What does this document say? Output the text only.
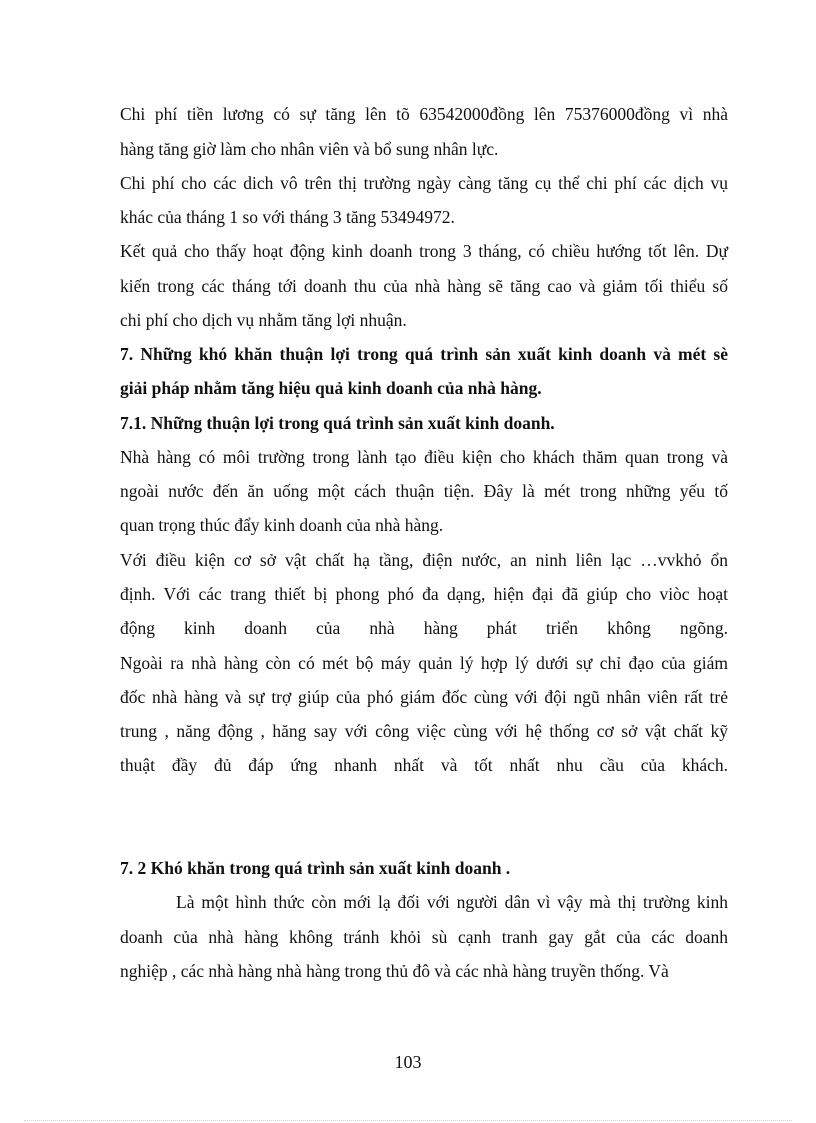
Chi phí tiền lương có sự tăng lên tõ 63542000đồng lên 75376000đồng vì nhà
hàng tăng giờ làm cho nhân viên và bổ sung nhân lực.
Chi phí cho các dich vô trên thị trường ngày càng tăng cụ thể chi phí các dịch vụ
khác của tháng 1 so với tháng 3 tăng 53494972.
Kết quả cho thấy hoạt động kinh doanh trong 3 tháng, có chiều hướng tốt lên. Dự
kiến trong các tháng tới doanh thu của nhà hàng sẽ tăng cao và giảm tối thiểu số
chi phí cho dịch vụ nhằm tăng lợi nhuận.
7. Những khó khăn thuận lợi trong quá trình sản xuất kinh doanh và mét sè
giải pháp nhằm tăng hiệu quả kinh doanh của nhà hàng.
7.1. Những thuận lợi trong quá trình sản xuất kinh doanh.
Nhà hàng có môi trường trong lành tạo điều kiện cho khách thăm quan trong và
ngoài nước đến ăn uống một cách thuận tiện. Đây là mét trong những yếu tố
quan trọng thúc đẩy kinh doanh của nhà hàng.
Với điều kiện cơ sở vật chất hạ tầng, điện nước, an ninh liên lạc …vvkhỏ ổn
định. Với các trang thiết bị phong phó đa dạng, hiện đại đã giúp cho viòc hoạt
động kinh doanh của nhà hàng phát triển không ngõng.
Ngoài ra nhà hàng còn có mét bộ máy quản lý hợp lý dưới sự chỉ đạo của giám
đốc nhà hàng và sự trợ giúp của phó giám đốc cùng với đội ngũ nhân viên rất trẻ
trung , năng động , hăng say với công việc cùng với hệ thống cơ sở vật chất kỹ
thuật đầy đủ đáp ứng nhanh nhất và tốt nhất nhu cầu của khách.
7. 2 Khó khăn trong quá trình sản xuất kinh doanh .
Là một hình thức còn mới lạ đối với người dân vì vậy mà thị trường kinh
doanh của nhà hàng không tránh khỏi sù cạnh tranh gay gắt của các doanh
nghiệp , các nhà hàng nhà hàng trong thủ đô và các nhà hàng truyền thống. Và
103
